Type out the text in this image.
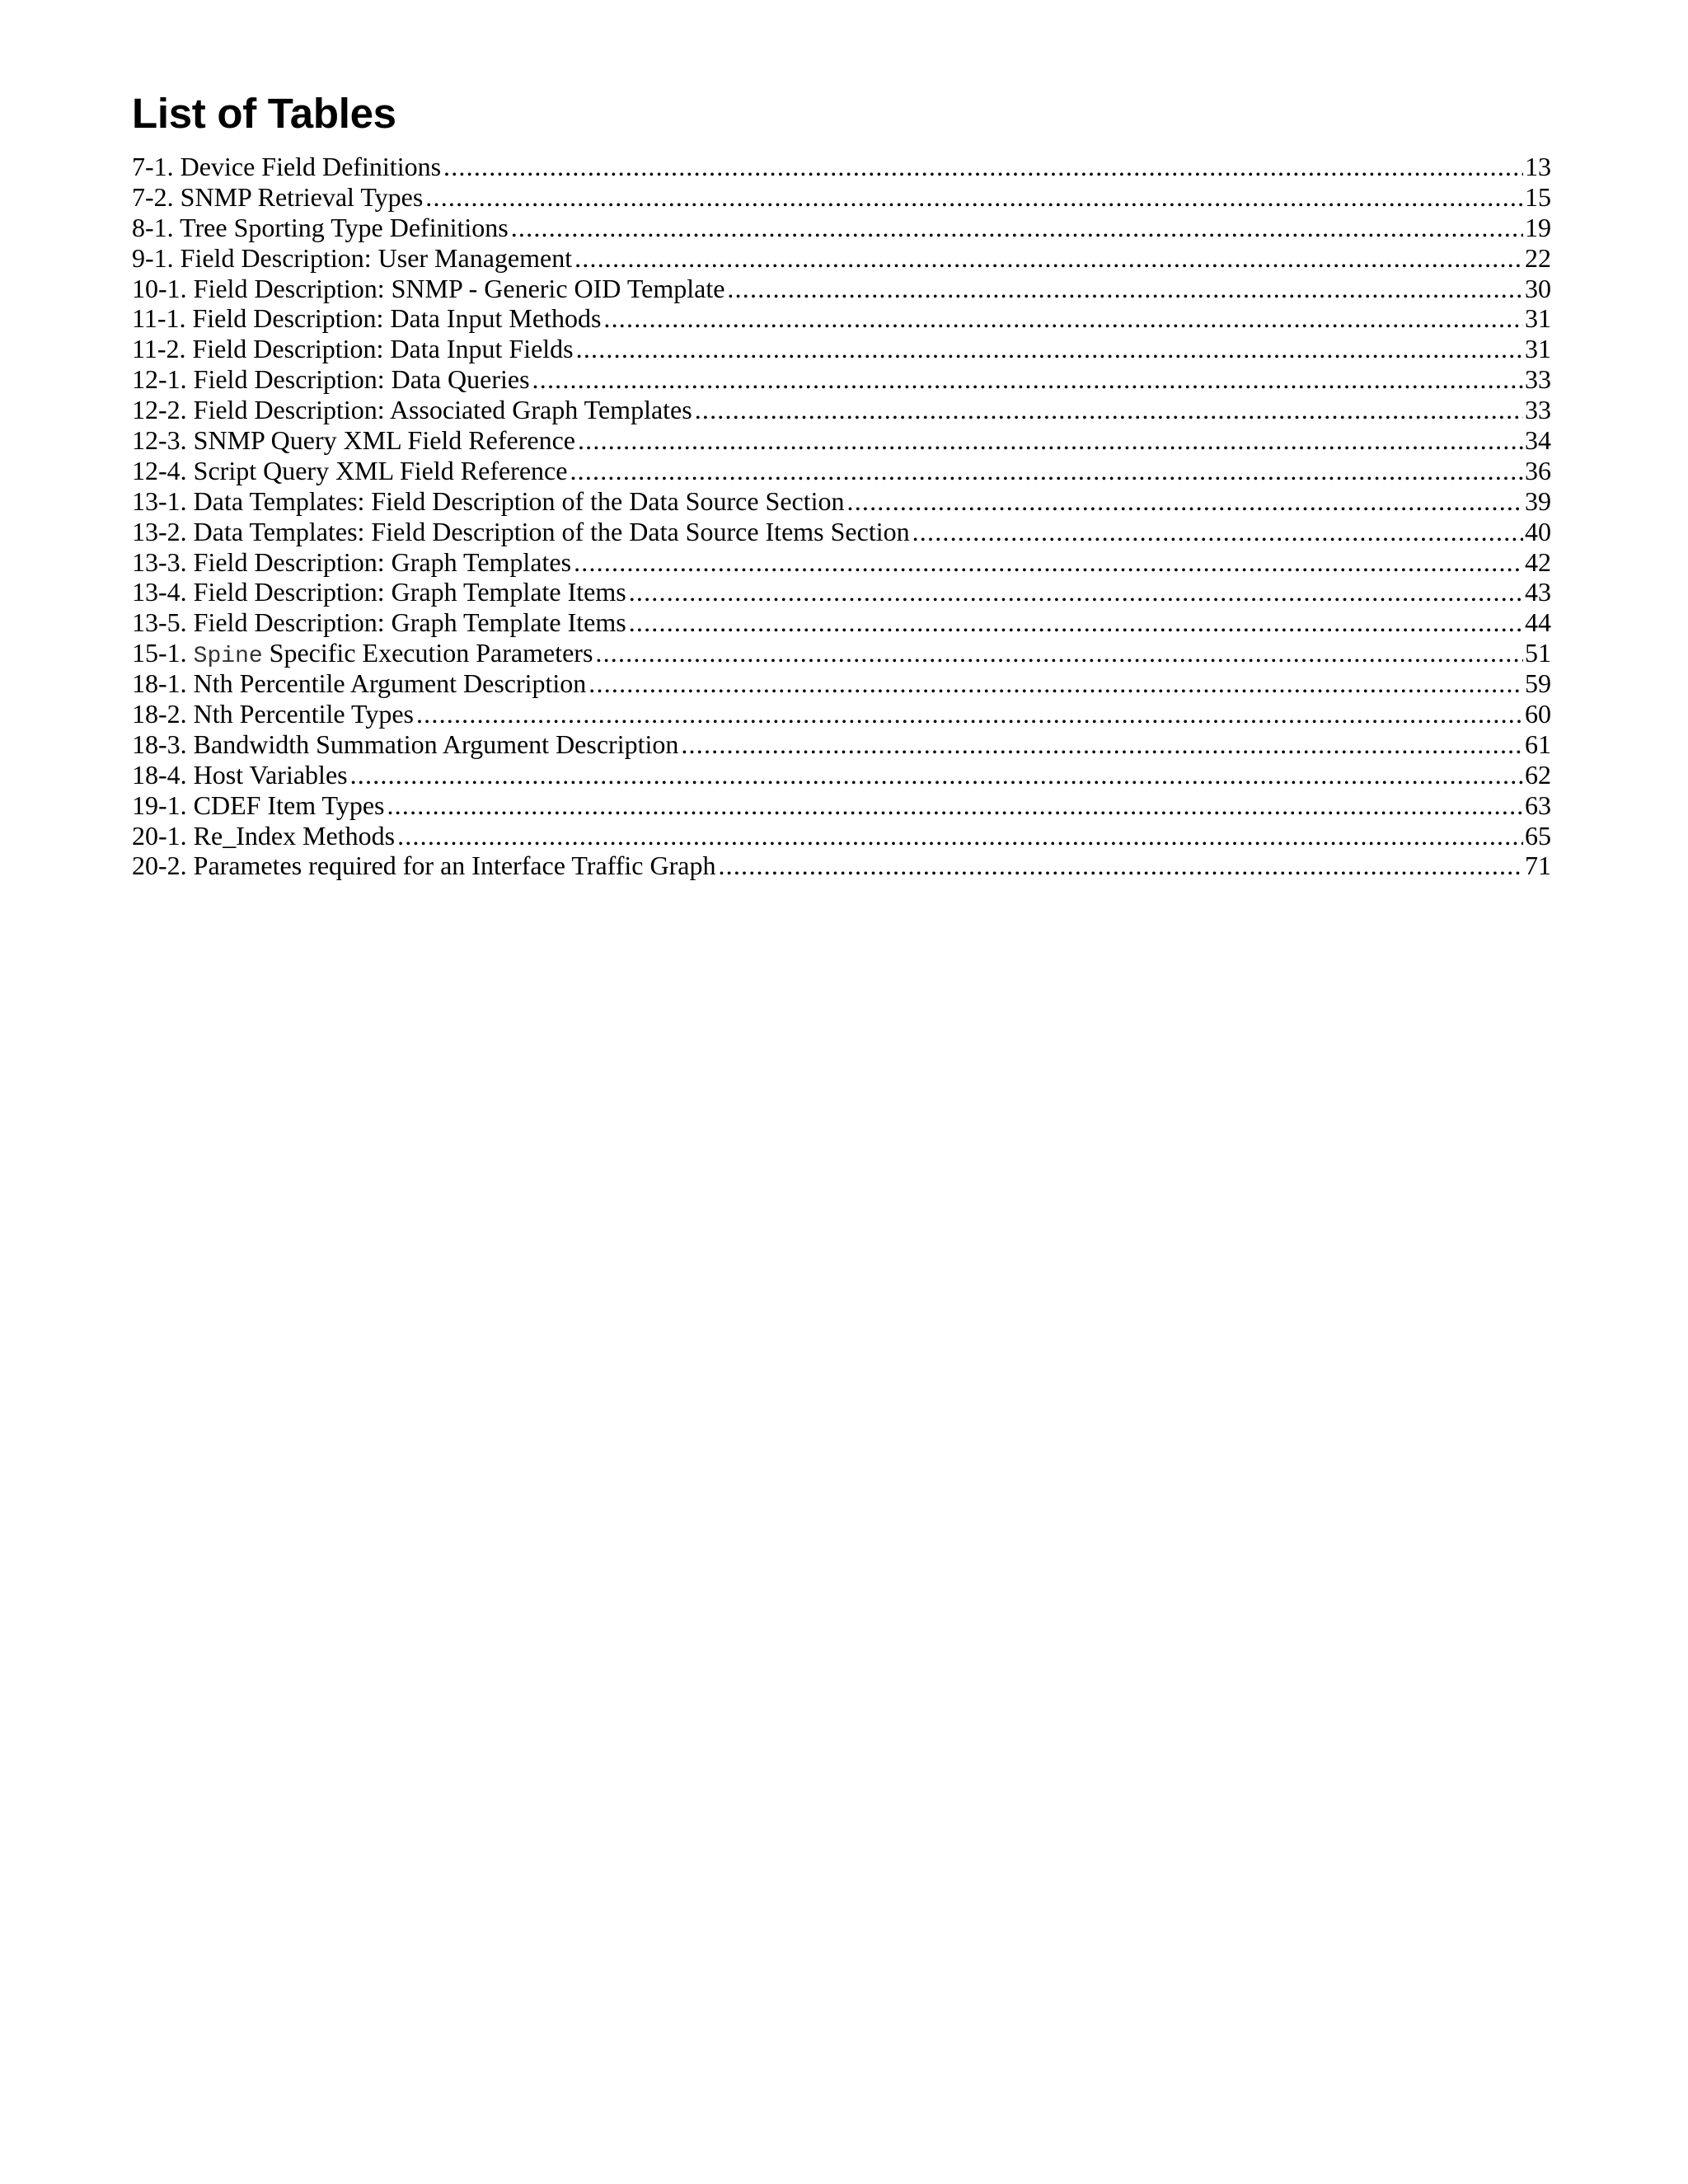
List of Tables
7-1. Device Field Definitions .....	13
7-2. SNMP Retrieval Types .....	15
8-1. Tree Sporting Type Definitions .....	19
9-1. Field Description: User Management .....	22
10-1. Field Description: SNMP - Generic OID Template .....	30
11-1. Field Description: Data Input Methods .....	31
11-2. Field Description: Data Input Fields .....	31
12-1. Field Description: Data Queries .....	33
12-2. Field Description: Associated Graph Templates .....	33
12-3. SNMP Query XML Field Reference .....	34
12-4. Script Query XML Field Reference .....	36
13-1. Data Templates: Field Description of the Data Source Section .....	39
13-2. Data Templates: Field Description of the Data Source Items Section .....	40
13-3. Field Description: Graph Templates .....	42
13-4. Field Description: Graph Template Items .....	43
13-5. Field Description: Graph Template Items .....	44
15-1. Spine Specific Execution Parameters .....	51
18-1. Nth Percentile Argument Description .....	59
18-2. Nth Percentile Types .....	60
18-3. Bandwidth Summation Argument Description .....	61
18-4. Host Variables .....	62
19-1. CDEF Item Types .....	63
20-1. Re_Index Methods .....	65
20-2. Parametes required for an Interface Traffic Graph .....	71
